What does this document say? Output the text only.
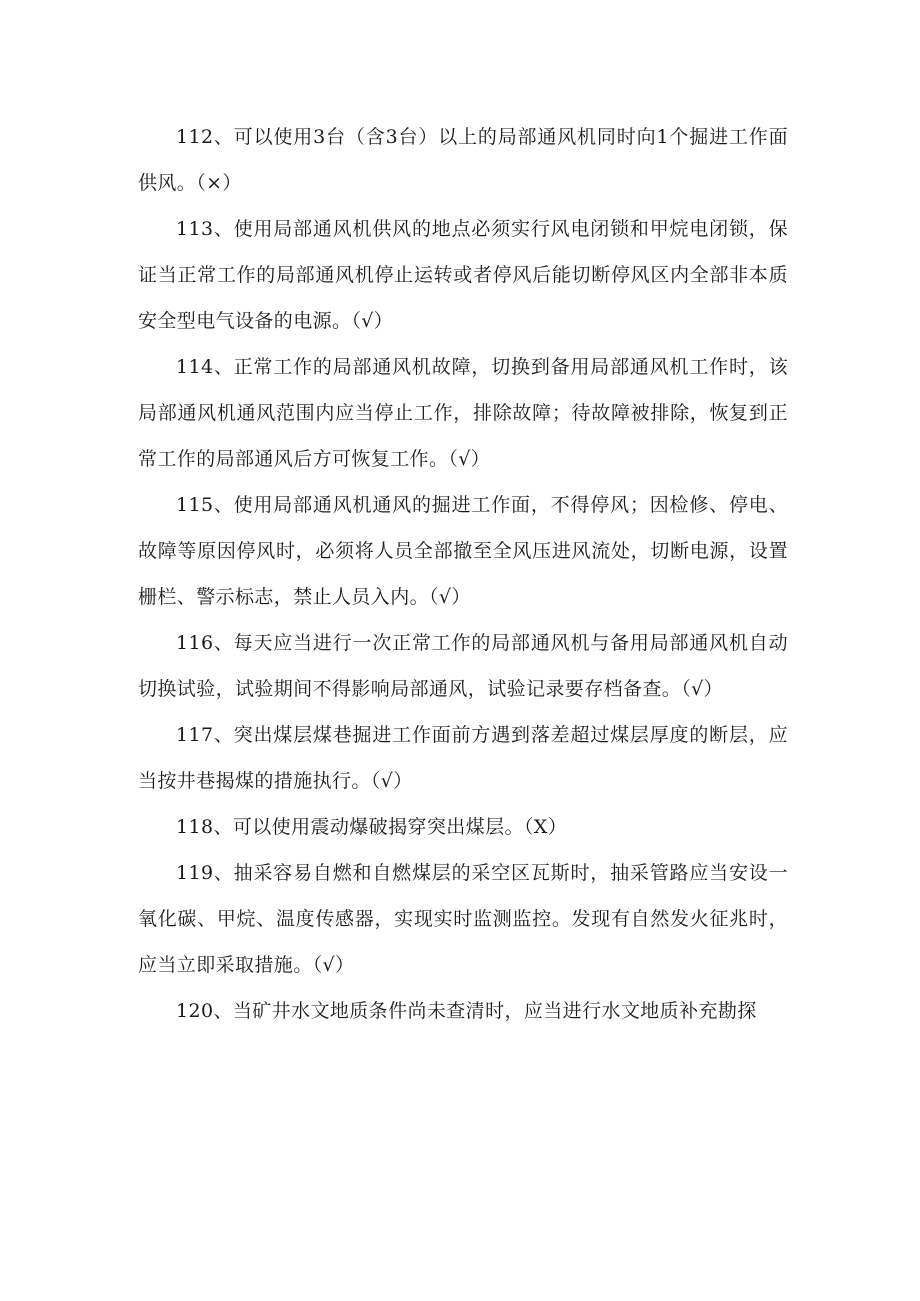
112、可以使用3台（含3台）以上的局部通风机同时向1个掘进工作面供风。（×）

113、使用局部通风机供风的地点必须实行风电闭锁和甲烷电闭锁，保证当正常工作的局部通风机停止运转或者停风后能切断停风区内全部非本质安全型电气设备的电源。（√）

114、正常工作的局部通风机故障，切换到备用局部通风机工作时，该局部通风机通风范围内应当停止工作，排除故障；待故障被排除，恢复到正常工作的局部通风后方可恢复工作。（√）

115、使用局部通风机通风的掘进工作面，不得停风；因检修、停电、故障等原因停风时，必须将人员全部撤至全风压进风流处，切断电源，设置栅栏、警示标志，禁止人员入内。（√）

116、每天应当进行一次正常工作的局部通风机与备用局部通风机自动切换试验，试验期间不得影响局部通风，试验记录要存档备查。（√）

117、突出煤层煤巷掘进工作面前方遇到落差超过煤层厚度的断层，应当按井巷揭煤的措施执行。（√）

118、可以使用震动爆破揭穿突出煤层。（X）

119、抽采容易自燃和自燃煤层的采空区瓦斯时，抽采管路应当安设一氧化碳、甲烷、温度传感器，实现实时监测监控。发现有自然发火征兆时，应当立即采取措施。（√）

120、当矿井水文地质条件尚未查清时，应当进行水文地质补充勘探
